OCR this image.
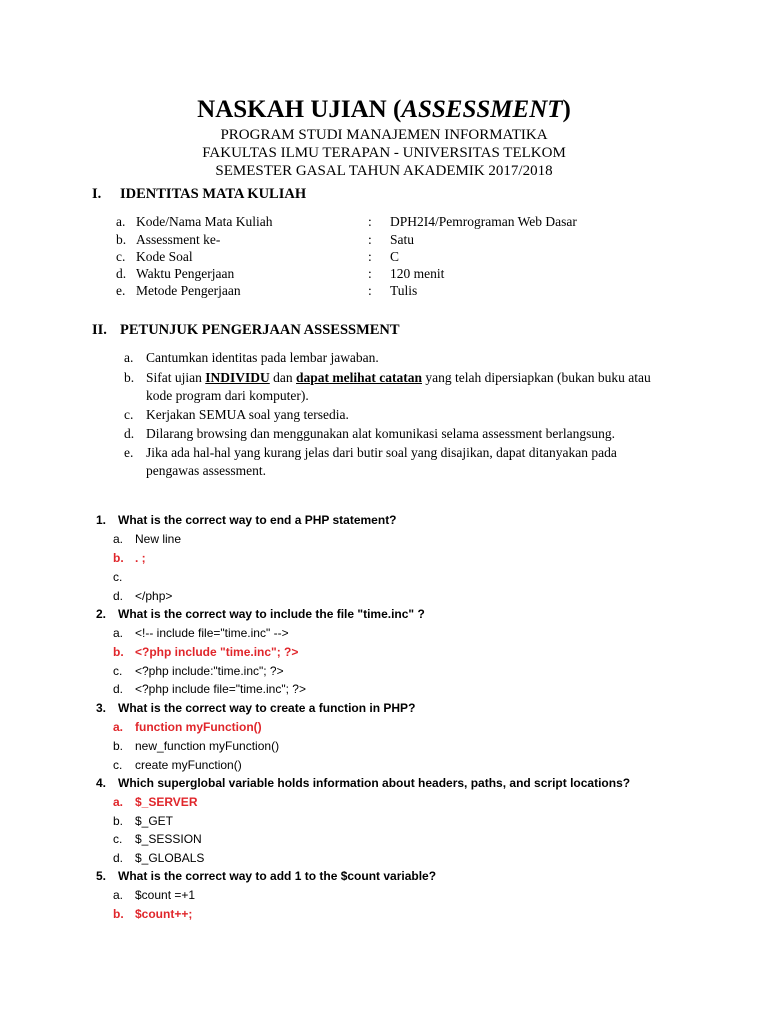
NASKAH UJIAN (ASSESSMENT)

PROGRAM STUDI MANAJEMEN INFORMATIKA

FAKULTAS ILMU TERAPAN - UNIVERSITAS TELKOM

SEMESTER GASAL TAHUN AKADEMIK 2017/2018

I. IDENTITAS MATA KULIAH
a. Kode/Nama Mata Kuliah	: DPH2I4/Pemrograman Web Dasar
b. Assessment ke-	: Satu
c. Kode Soal	: C
d. Waktu Pengerjaan	: 120 menit
e. Metode Pengerjaan	: Tulis
II. PETUNJUK PENGERJAAN ASSESSMENT
a. Cantumkan identitas pada lembar jawaban.
b. Sifat ujian INDIVIDU dan dapat melihat catatan yang telah dipersiapkan (bukan buku atau kode program dari komputer).
c. Kerjakan SEMUA soal yang tersedia.
d. Dilarang browsing dan menggunakan alat komunikasi selama assessment berlangsung.
e. Jika ada hal-hal yang kurang jelas dari butir soal yang disajikan, dapat ditanyakan pada pengawas assessment.
1. What is the correct way to end a PHP statement?
a. New line
b. . ;
c.
d. </php>
2. What is the correct way to include the file "time.inc" ?
a. <!-- include file="time.inc" -->
b. <?php include "time.inc"; ?>
c.	<?php include:"time.inc"; ?>
d. <?php include file="time.inc"; ?>
3. What is the correct way to create a function in PHP?
a. function myFunction()
b. new_function myFunction()
c.	create myFunction()
4. Which superglobal variable holds information about headers, paths, and script locations?
a. $_SERVER
b. $_GET
c.	$_SESSION
d. $_GLOBALS
5. What is the correct way to add 1 to the $count variable?
a. $count =+1
b. $count++;
